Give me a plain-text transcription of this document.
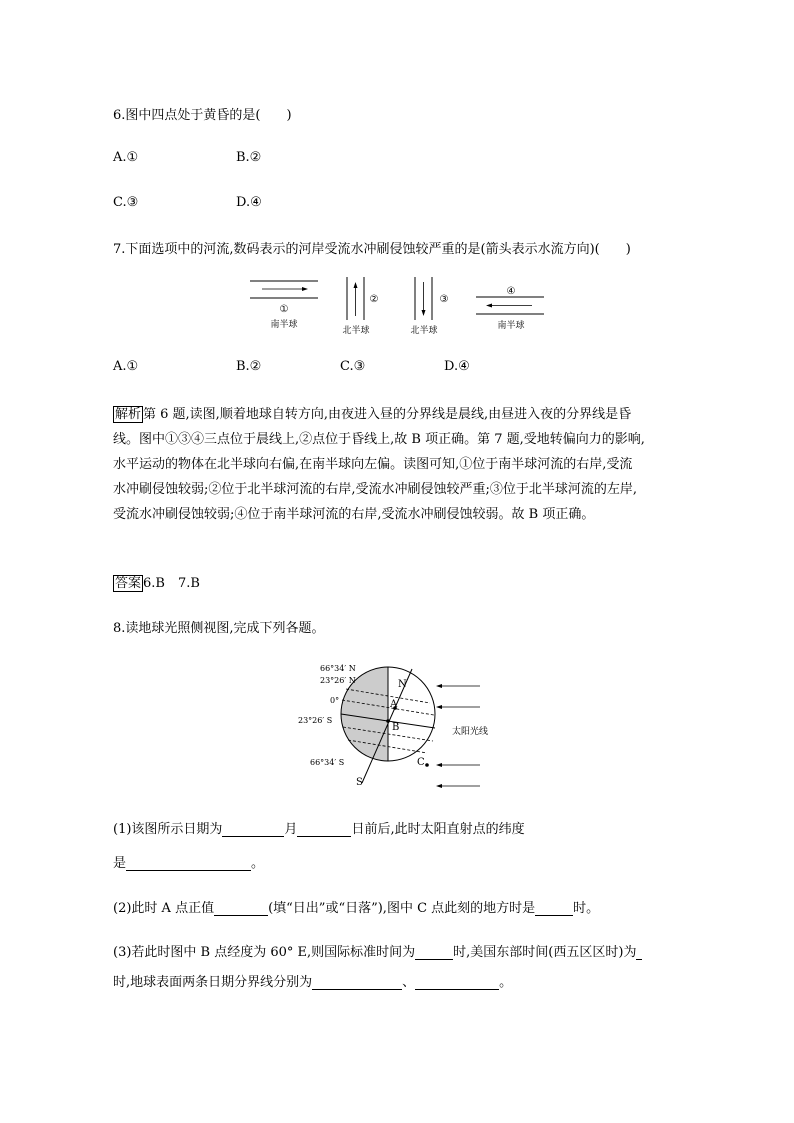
6.图中四点处于黄昏的是(　　)
A.①	B.②
C.③	D.④
7.下面选项中的河流,数码表示的河岸受流水冲刷侵蚀较严重的是(箭头表示水流方向)(　　)
①
南半球
②
北半球
③
北半球
④
南半球
A.①	B.②	C.③	D.④
解析 第 6 题,读图,顺着地球自转方向,由夜进入昼的分界线是晨线,由昼进入夜的分界线是昏
线。图中①③④三点位于晨线上,②点位于昏线上,故 B 项正确。第 7 题,受地转偏向力的影响,
水平运动的物体在北半球向右偏,在南半球向左偏。读图可知,①位于南半球河流的右岸,受流
水冲刷侵蚀较弱;②位于北半球河流的右岸,受流水冲刷侵蚀较严重;③位于北半球河流的左岸,
受流水冲刷侵蚀较弱;④位于南半球河流的右岸,受流水冲刷侵蚀较弱。故 B 项正确。
答案 6.B　7.B
8.读地球光照侧视图,完成下列各题。
A
B
C
N
S
66°34′ N
23°26′ N
0°
23°26′ S
66°34′ S
太阳光线
(1)该图所示日期为	月	日前后,此时太阳直射点的纬度
是	。
(2)此时 A 点正值	(填“日出”或“日落”),图中 C 点此刻的地方时是	时。
(3)若此时图中 B 点经度为 60° E,则国际标准时间为	时,美国东部时间(西五区区时)为
时,地球表面两条日期分界线分别为	、	。
